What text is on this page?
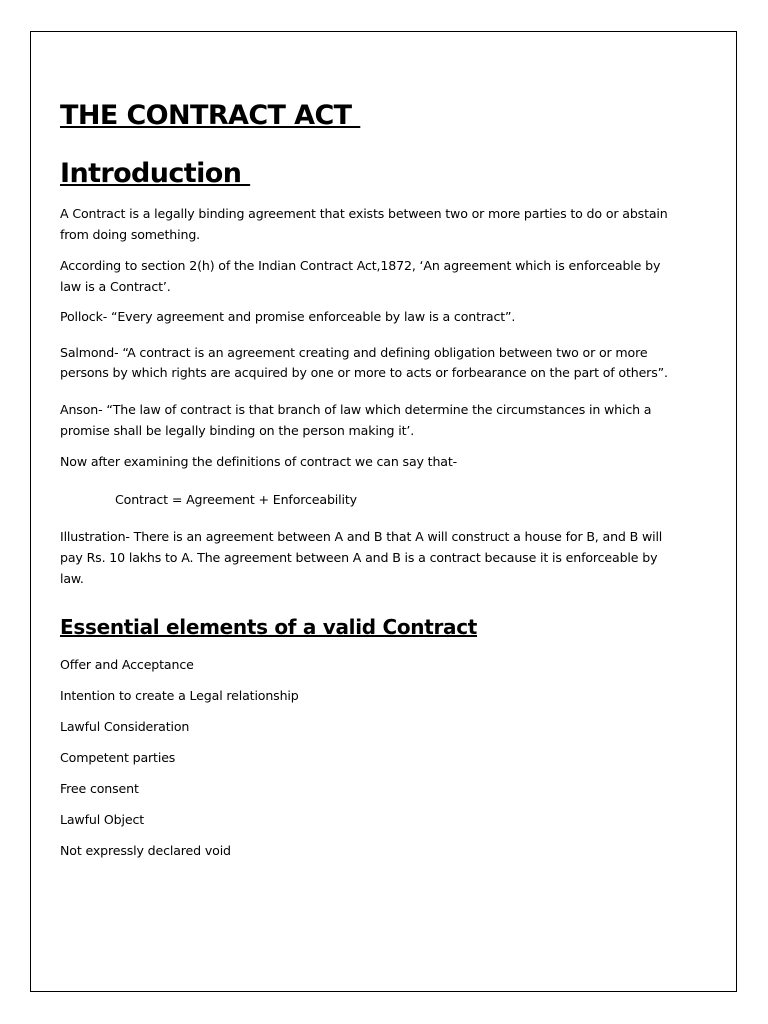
THE CONTRACT ACT
Introduction

A Contract is a legally binding agreement that exists between two or more parties to do or abstain from doing something.

According to section 2(h) of the Indian Contract Act,1872, ‘An agreement which is enforceable by law is a Contract’.

Pollock- “Every agreement and promise enforceable by law is a contract”.

Salmond- “A contract is an agreement creating and defining obligation between two or or more persons by which rights are acquired by one or more to acts or forbearance on the part of others”.

Anson- “The law of contract is that branch of law which determine the circumstances in which a promise shall be legally binding on the person making it’.

Now after examining the definitions of contract we can say that-

Contract = Agreement + Enforceability

Illustration- There is an agreement between A and B that A will construct a house for B, and B will pay Rs. 10 lakhs to A. The agreement between A and B is a contract because it is enforceable by law.

Essential elements of a valid Contract

Offer and Acceptance

Intention to create a Legal relationship

Lawful Consideration

Competent parties

Free consent

Lawful Object

Not expressly declared void
